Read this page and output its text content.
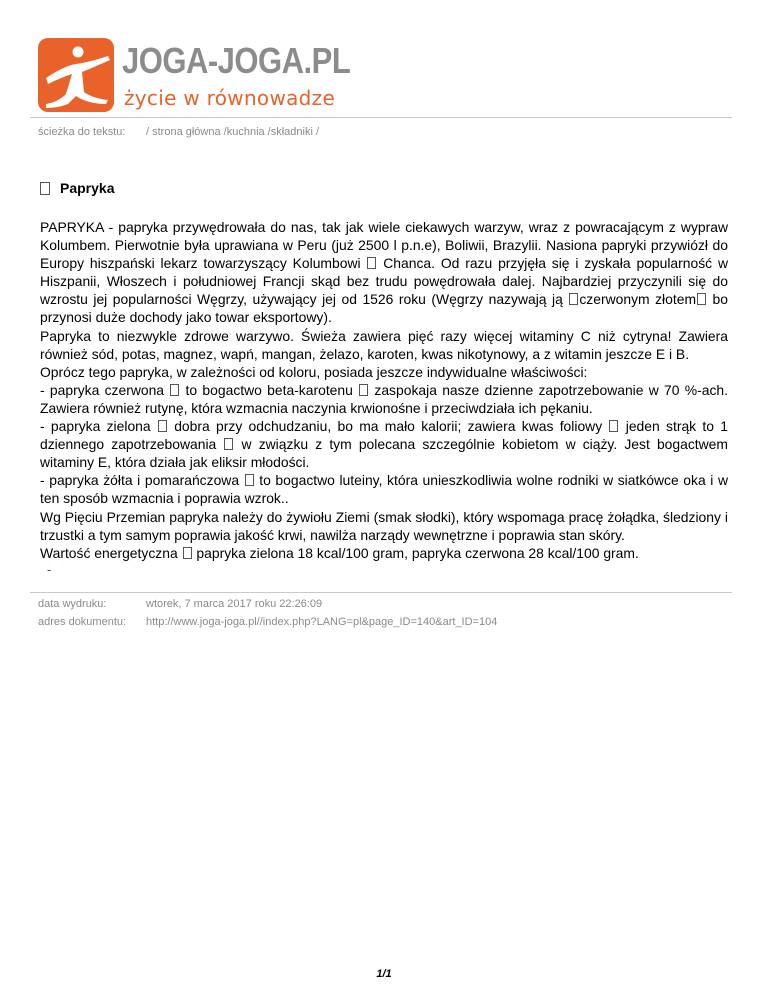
JOGA-JOGA.PL
życie w równowadze
ścieżka do tekstu: / strona główna /kuchnia /składniki /
Papryka

PAPRYKA - papryka przywędrowała do nas, tak jak wiele ciekawych warzyw, wraz z powracającym z wypraw Kolumbem. Pierwotnie była uprawiana w Peru (już 2500 l p.n.e), Boliwii, Brazylii. Nasiona papryki przywiózł do Europy hiszpański lekarz towarzyszący Kolumbowi  Chanca. Od razu przyjęła się i zyskała popularność w Hiszpanii, Włoszech i południowej Francji skąd bez trudu powędrowała dalej. Najbardziej przyczynili się do wzrostu jej popularności Węgrzy, używający jej od 1526 roku (Węgrzy nazywają ją czerwonym złotem bo przynosi duże dochody jako towar eksportowy).

Papryka to niezwykle zdrowe warzywo. Świeża zawiera pięć razy więcej witaminy C niż cytryna! Zawiera również sód, potas, magnez, wapń, mangan, żelazo, karoten, kwas nikotynowy, a z witamin jeszcze E i B.

Oprócz tego papryka, w zależności od koloru, posiada jeszcze indywidualne właściwości:

- papryka czerwona  to bogactwo beta-karotenu  zaspokaja nasze dzienne zapotrzebowanie w 70 %-ach. Zawiera również rutynę, która wzmacnia naczynia krwionośne i przeciwdziała ich pękaniu.

- papryka zielona  dobra przy odchudzaniu, bo ma mało kalorii; zawiera kwas foliowy  jeden strąk to 1 dziennego zapotrzebowania  w związku z tym polecana szczególnie kobietom w ciąży. Jest bogactwem witaminy E, która działa jak eliksir młodości.

- papryka żółta i pomarańczowa  to bogactwo luteiny, która unieszkodliwia wolne rodniki w siatkówce oka i w ten sposób wzmacnia i poprawia wzrok..

Wg Pięciu Przemian papryka należy do żywiołu Ziemi (smak słodki), który wspomaga pracę żołądka, śledziony i trzustki a tym samym poprawia jakość krwi, nawilża narządy wewnętrzne i poprawia stan skóry.

Wartość energetyczna  papryka zielona 18 kcal/100 gram, papryka czerwona 28 kcal/100 gram.

-
data wydruku:	wtorek, 7 marca 2017 roku 22:26:09
adres dokumentu: http://www.joga-joga.pl//index.php?LANG=pl&page_ID=140&art_ID=104
1/1
